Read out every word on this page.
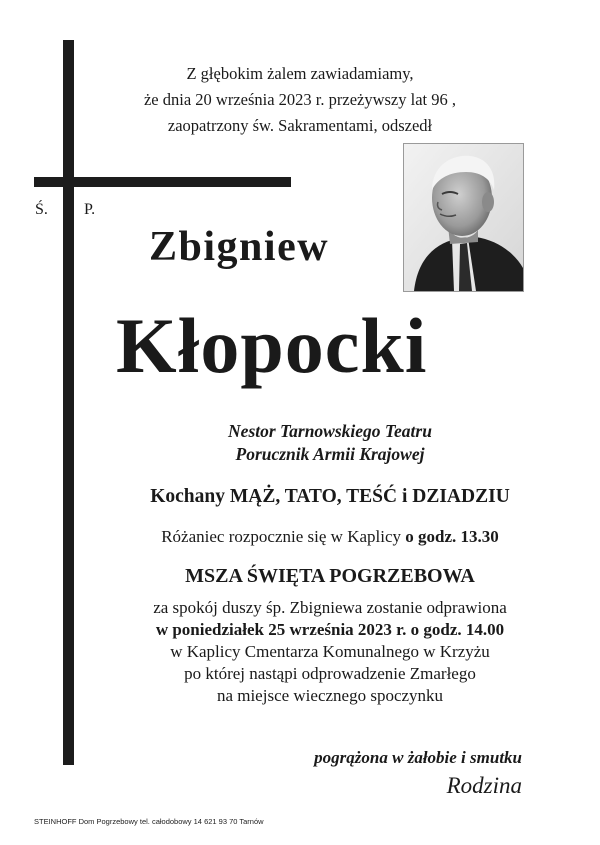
Z głębokim żalem zawiadamiamy,
że dnia 20 września 2023 r. przeżywszy lat 96 ,
zaopatrzony św. Sakramentami, odszedł
Ś. P.
Zbigniew
Kłopocki
Nestor Tarnowskiego Teatru
Porucznik Armii Krajowej
Kochany MĄŻ, TATO, TEŚĆ i DZIADZIU
Różaniec rozpocznie się w Kaplicy o godz. 13.30
MSZA ŚWIĘTA POGRZEBOWA
za spokój duszy śp. Zbigniewa zostanie odprawiona
w poniedziałek 25 września 2023 r. o godz. 14.00
w Kaplicy Cmentarza Komunalnego w Krzyżu
po której nastąpi odprowadzenie Zmarłego
na miejsce wiecznego spoczynku
pogrążona w żałobie i smutku
Rodzina
STEINHOFF Dom Pogrzebowy tel. całodobowy 14 621 93 70 Tarnów
